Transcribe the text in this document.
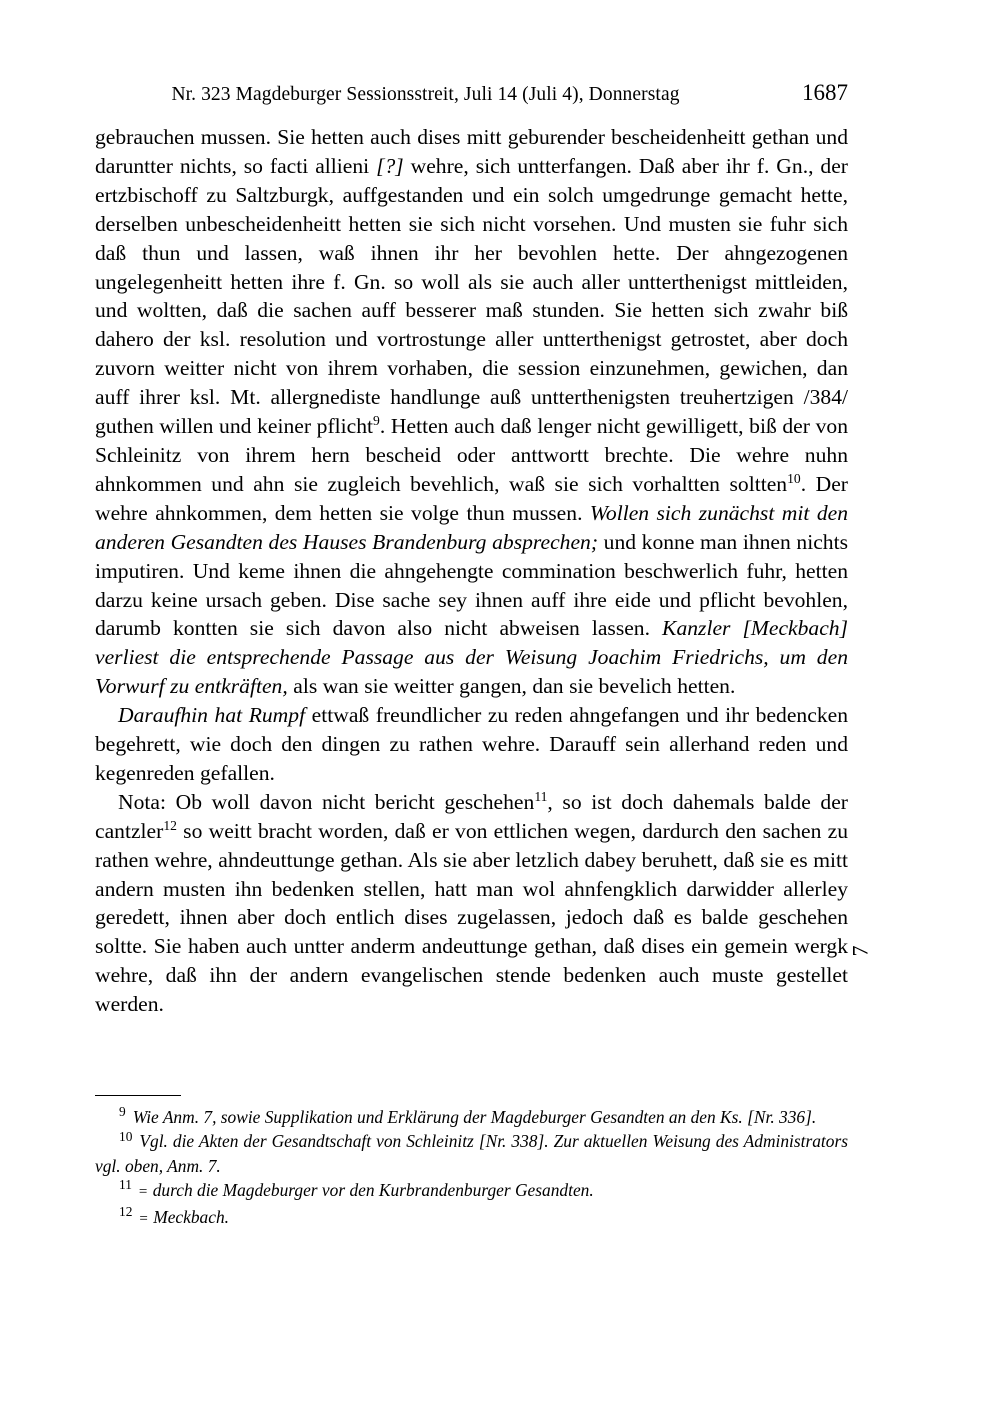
Nr. 323 Magdeburger Sessionsstreit, Juli 14 (Juli 4), Donnerstag	1687

gebrauchen mussen. Sie hetten auch dises mitt geburender bescheidenheitt gethan und daruntter nichts, so facti allieni [?] wehre, sich untterfangen. Daß aber ihr f. Gn., der ertzbischoff zu Saltzburgk, auffgestanden und ein solch umgedrunge gemacht hette, derselben unbescheidenheitt hetten sie sich nicht vorsehen. Und musten sie fuhr sich daß thun und lassen, waß ihnen ihr her bevohlen hette. Der ahngezogenen ungelegenheitt hetten ihre f. Gn. so woll als sie auch aller untterthenigst mittleiden, und woltten, daß die sachen auff besserer maß stunden. Sie hetten sich zwahr biß dahero der ksl. resolution und vortrostunge aller untterthenigst getrostet, aber doch zuvorn weitter nicht von ihrem vorhaben, die session einzunehmen, gewichen, dan auff ihrer ksl. Mt. allergnediste handlunge auß untterthenigsten treuhertzigen /384/ guthen willen und keiner pflicht$^9$. Hetten auch daß lenger nicht gewilligett, biß der von Schleinitz von ihrem hern bescheid oder anttwortt brechte. Die wehre nuhn ahnkommen und ahn sie zugleich bevehlich, waß sie sich vorhaltten soltten$^{10}$. Der wehre ahnkommen, dem hetten sie volge thun mussen. Wollen sich zunächst mit den anderen Gesandten des Hauses Brandenburg absprechen; und konne man ihnen nichts imputiren. Und keme ihnen die ahngehengte commination beschwerlich fuhr, hetten darzu keine ursach geben. Dise sache sey ihnen auff ihre eide und pflicht bevohlen, darumb kontten sie sich davon also nicht abweisen lassen. Kanzler [Meckbach] verliest die entsprechende Passage aus der Weisung Joachim Friedrichs, um den Vorwurf zu entkräften, als wan sie weitter gangen, dan sie bevelich hetten.

Daraufhin hat Rumpf ettwaß freundlicher zu reden ahngefangen und ihr bedencken begehrett, wie doch den dingen zu rathen wehre. Darauff sein allerhand reden und kegenreden gefallen.

Nota: Ob woll davon nicht bericht geschehen$^{11}$, so ist doch dahemals balde der cantzler$^{12}$ so weitt bracht worden, daß er von ettlichen wegen, dardurch den sachen zu rathen wehre, ahndeuttunge gethan. Als sie aber letzlich dabey beruhett, daß sie es mitt andern musten ihn bedenken stellen, hatt man wol ahnfengklich darwidder allerley geredett, ihnen aber doch entlich dises zugelassen, jedoch daß es balde geschehen soltte. Sie haben auch untter anderm andeuttunge gethan, daß dises ein gemein wergk wehre, daß ihn der andern evangelischen stende bedenken auch muste gestellet werden.

7

$^9$ Wie Anm. 7, sowie Supplikation und Erklärung der Magdeburger Gesandten an den Ks. [Nr. 336].

$^{10}$ Vgl. die Akten der Gesandtschaft von Schleinitz [Nr. 338]. Zur aktuellen Weisung des Administrators vgl. oben, Anm. 7.

$^{11}$ = durch die Magdeburger vor den Kurbrandenburger Gesandten.

$^{12}$ = Meckbach.
